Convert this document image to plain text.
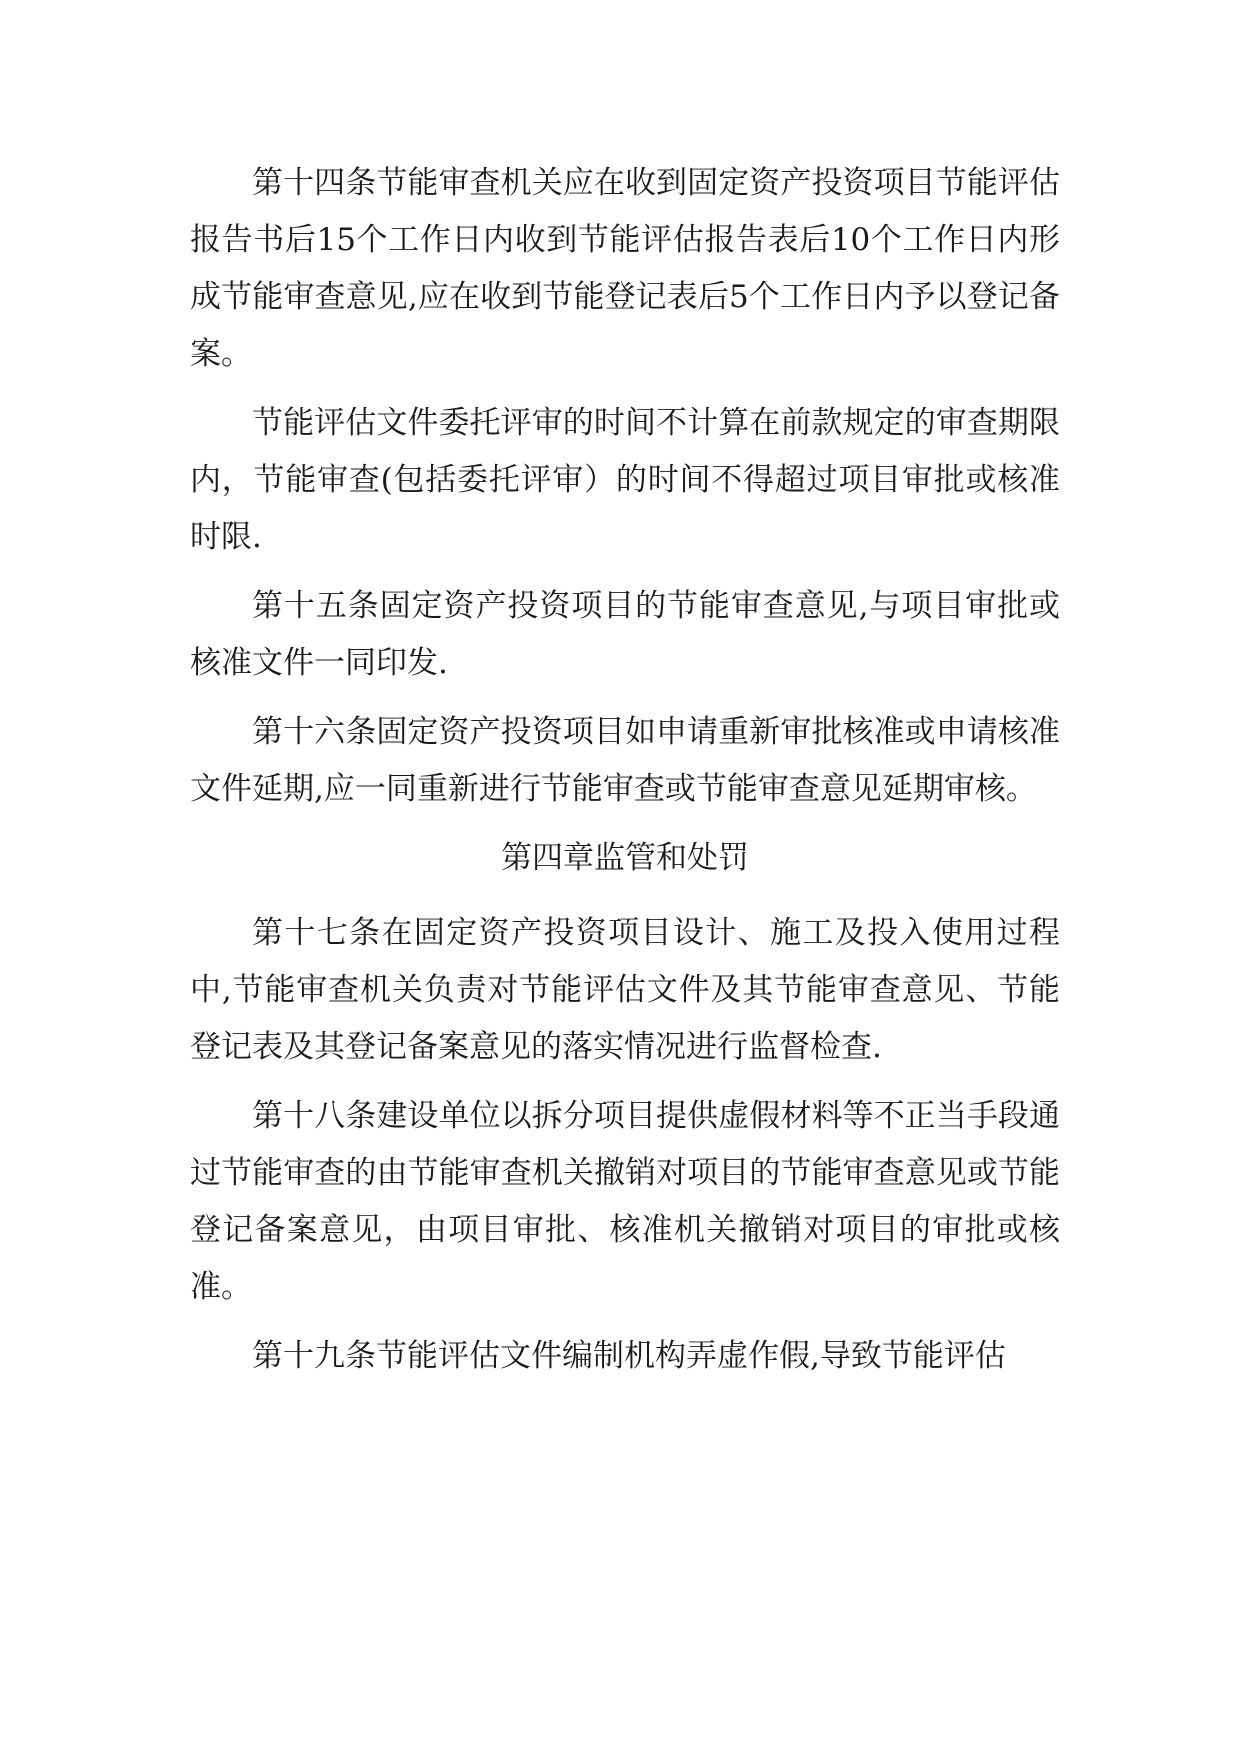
第十四条节能审查机关应在收到固定资产投资项目节能评估报告书后15个工作日内收到节能评估报告表后10个工作日内形成节能审查意见,应在收到节能登记表后5个工作日内予以登记备案。

节能评估文件委托评审的时间不计算在前款规定的审查期限内，节能审查(包括委托评审）的时间不得超过项目审批或核准时限.

第十五条固定资产投资项目的节能审查意见,与项目审批或核准文件一同印发.

第十六条固定资产投资项目如申请重新审批核准或申请核准文件延期,应一同重新进行节能审查或节能审查意见延期审核。

第四章监管和处罚

第十七条在固定资产投资项目设计、施工及投入使用过程中,节能审查机关负责对节能评估文件及其节能审查意见、节能登记表及其登记备案意见的落实情况进行监督检查.

第十八条建设单位以拆分项目提供虚假材料等不正当手段通过节能审查的由节能审查机关撤销对项目的节能审查意见或节能登记备案意见，由项目审批、核准机关撤销对项目的审批或核准。

第十九条节能评估文件编制机构弄虚作假,导致节能评估
